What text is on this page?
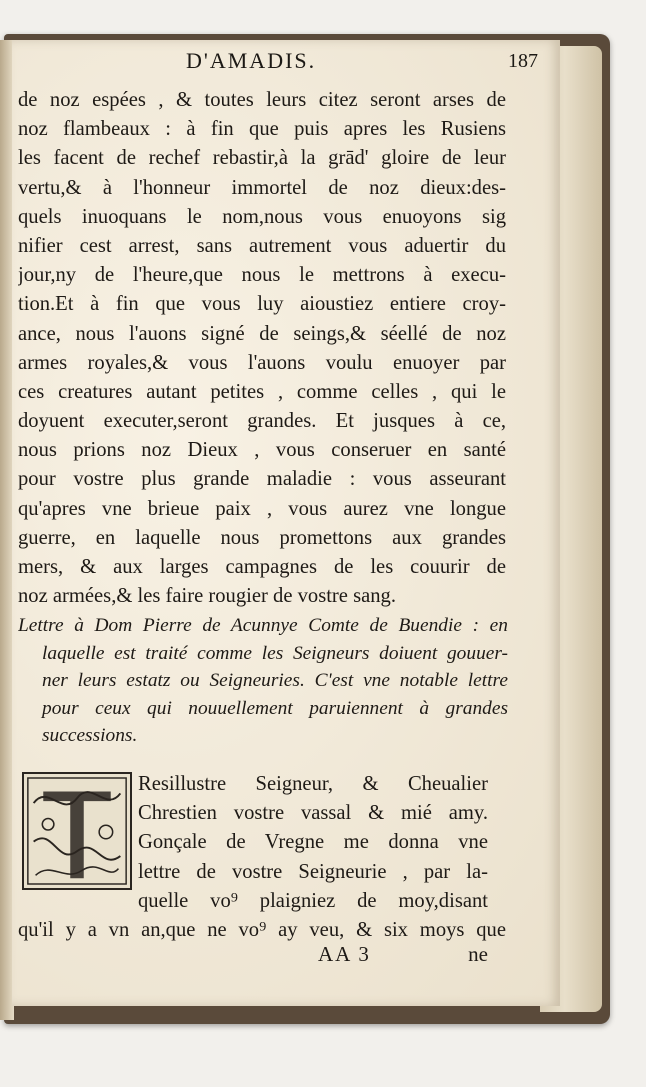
D'AMADIS.	187
de noz espées , & toutes leurs citez seront arses de
noz flambeaux : à fin que puis apres les Rusiens
les facent de rechef rebastir,à la grād' gloire de leur
vertu,& à l'honneur immortel de noz dieux:des-
quels inuoquans le nom,nous vous enuoyons sig
nifier cest arrest, sans autrement vous aduertir du
jour,ny de l'heure,que nous le mettrons à execu-
tion.Et à fin que vous luy aioustiez entiere croy-
ance, nous l'auons signé de seings,& séellé de noz
armes royales,& vous l'auons voulu enuoyer par
ces creatures autant petites , comme celles , qui le
doyuent executer,seront grandes. Et jusques à ce,
nous prions noz Dieux , vous conseruer en santé
pour vostre plus grande maladie : vous asseurant
qu'apres vne brieue paix , vous aurez vne longue
guerre, en laquelle nous promettons aux grandes
mers, & aux larges campagnes de les couurir de
noz armées,& les faire rougier de vostre sang.
Lettre à Dom Pierre de Acunnye Comte de Buendie : en
laquelle est traité comme les Seigneurs doiuent gouuer-
ner leurs estatz ou Seigneuries. C'est vne notable lettre
pour ceux qui nouuellement paruiennent à grandes
successions.
Resillustre Seigneur, & Cheualier
Chrestien vostre vassal & mié amy.
Gonçale de Vregne me donna vne
lettre de vostre Seigneurie , par la-
quelle vo⁹ plaigniez de moy,disant
qu'il y a vn an,que ne vo⁹ ay veu, & six moys que
AA 3	ne
